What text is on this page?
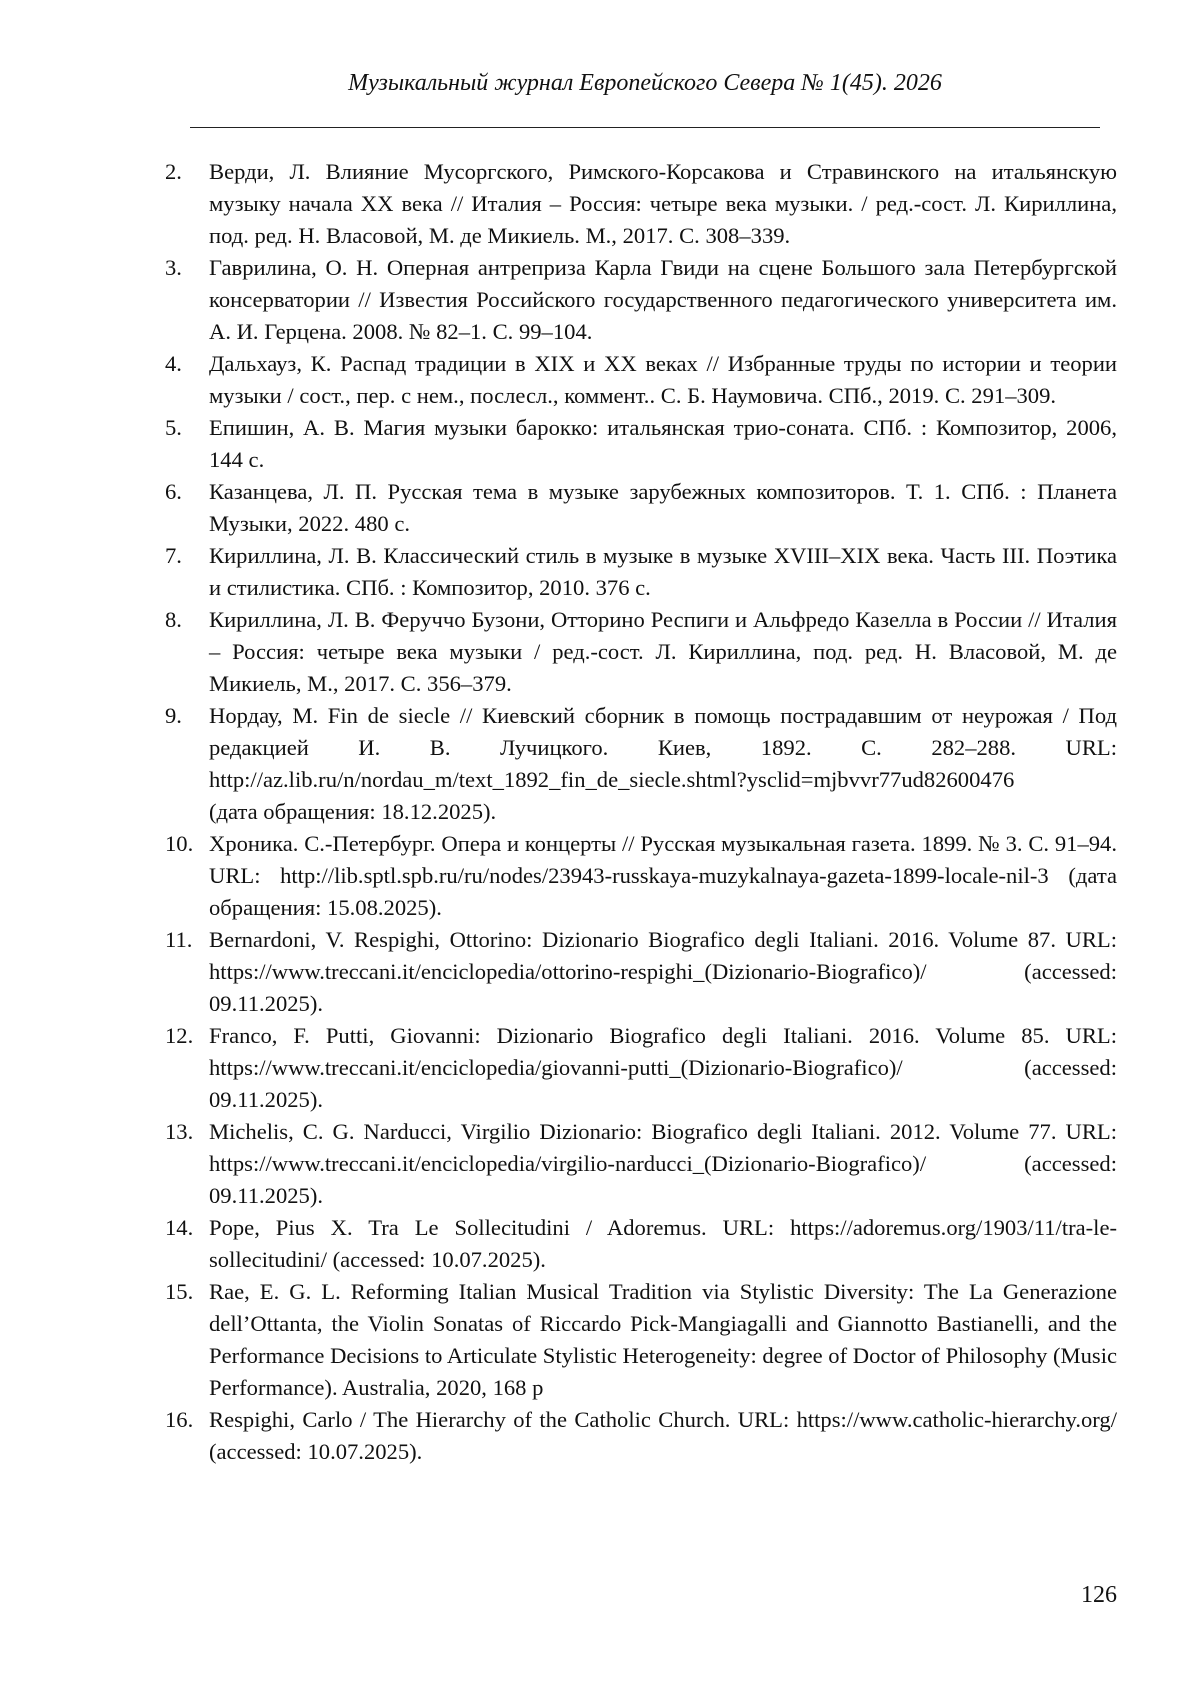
Музыкальный журнал Европейского Севера № 1(45). 2026
2.	Верди, Л. Влияние Мусоргского, Римского-Корсакова и Стравинского на итальянскую музыку начала XX века // Италия – Россия: четыре века музыки. / ред.-сост. Л. Кириллина, под. ред. Н. Власовой, М. де Микиель. М., 2017. С. 308–339.
3.	Гаврилина, О. Н. Оперная антреприза Карла Гвиди на сцене Большого зала Петербургской консерватории // Известия Российского государственного педагогического университета им. А. И. Герцена. 2008. № 82–1. С. 99–104.
4.	Дальхауз, К. Распад традиции в XIX и XX веках // Избранные труды по истории и теории музыки / сост., пер. с нем., послесл., коммент.. С. Б. Наумовича. СПб., 2019. С. 291–309.
5.	Епишин, А. В. Магия музыки барокко: итальянская трио-соната. СПб. : Композитор, 2006, 144 с.
6.	Казанцева, Л. П. Русская тема в музыке зарубежных композиторов. Т. 1. СПб. : Планета Музыки, 2022. 480 с.
7.	Кириллина, Л. В. Классический стиль в музыке в музыке XVIII–XIX века. Часть III. Поэтика и стилистика. СПб. : Композитор, 2010. 376 с.
8.	Кириллина, Л. В. Феруччо Бузони, Отторино Респиги и Альфредо Казелла в России // Италия – Россия: четыре века музыки / ред.-сост. Л. Кириллина, под. ред. Н. Власовой, М. де Микиель, М., 2017. С. 356–379.
9.	Нордау, М. Fin de siecle // Киевский сборник в помощь пострадавшим от неурожая / Под редакцией И. В. Лучицкого. Киев, 1892. С. 282–288. URL: http://az.lib.ru/n/nordau_m/text_1892_fin_de_siecle.shtml?ysclid=mjbvvr77ud82600476
(дата обращения: 18.12.2025).
10. Хроника. С.-Петербург. Опера и концерты // Русская музыкальная газета. 1899. № 3. С. 91–94. URL: http://lib.sptl.spb.ru/ru/nodes/23943-russkaya-muzykalnaya-gazeta-1899-locale-nil-3 (дата обращения: 15.08.2025).
11. Bernardoni, V. Respighi, Ottorino: Dizionario Biografico degli Italiani. 2016. Volume 87. URL: https://www.treccani.it/enciclopedia/ottorino-respighi_(Dizionario-Biografico)/ (accessed: 09.11.2025).
12. Franco, F. Putti, Giovanni: Dizionario Biografico degli Italiani. 2016. Volume 85. URL: https://www.treccani.it/enciclopedia/giovanni-putti_(Dizionario-Biografico)/ (accessed: 09.11.2025).
13. Michelis, C. G. Narducci, Virgilio Dizionario: Biografico degli Italiani. 2012. Volume 77. URL: https://www.treccani.it/enciclopedia/virgilio-narducci_(Dizionario-Biografico)/ (accessed: 09.11.2025).
14. Pope, Pius X. Tra Le Sollecitudini / Adoremus. URL: https://adoremus.org/1903/11/tra-le-sollecitudini/ (accessed: 10.07.2025).
15. Rae, E. G. L. Reforming Italian Musical Tradition via Stylistic Diversity: The La Generazione dell’Ottanta, the Violin Sonatas of Riccardo Pick-Mangiagalli and Giannotto Bastianelli, and the Performance Decisions to Articulate Stylistic Heterogeneity: degree of Doctor of Philosophy (Music Performance). Australia, 2020, 168 p
16. Respighi, Carlo / The Hierarchy of the Catholic Church. URL: https://www.catholic-hierarchy.org/ (accessed: 10.07.2025).
126
